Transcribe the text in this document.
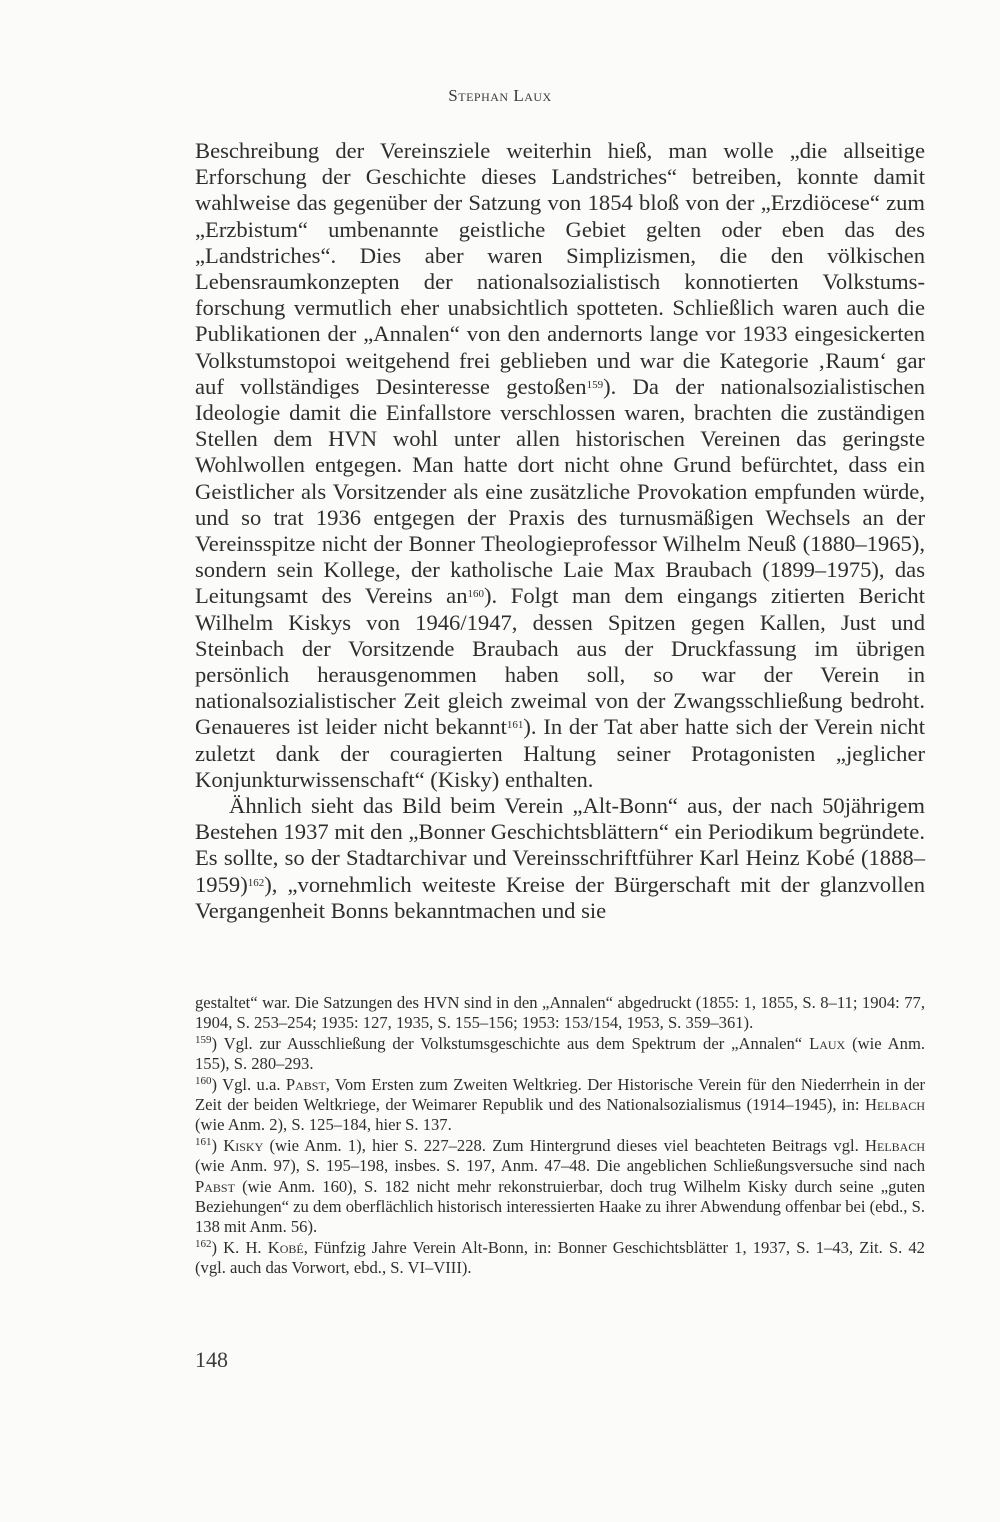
Stephan Laux

Beschreibung der Vereinsziele weiterhin hieß, man wolle „die allseitige Erforschung der Geschichte dieses Landstriches“ betreiben, konnte damit wahlweise das gegenüber der Satzung von 1854 bloß von der „Erzdiöcese“ zum „Erzbistum“ umbenannte geistliche Gebiet gelten oder eben das des „Landstriches“. Dies aber waren Simplizismen, die den völkischen Lebensraumkonzepten der nationalsozialistisch konnotierten Volkstumsforschung vermutlich eher unabsichtlich spotteten. Schließlich waren auch die Publikationen der „Annalen“ von den andernorts lange vor 1933 eingesickerten Volkstumstopoi weitgehend frei geblieben und war die Kategorie ‚Raum‘ gar auf vollständiges Desinteresse gestoßen$^{159}$). Da der nationalsozialistischen Ideologie damit die Einfallstore verschlossen waren, brachten die zuständigen Stellen dem HVN wohl unter allen historischen Vereinen das geringste Wohlwollen entgegen. Man hatte dort nicht ohne Grund befürchtet, dass ein Geistlicher als Vorsitzender als eine zusätzliche Provokation empfunden würde, und so trat 1936 entgegen der Praxis des turnusmäßigen Wechsels an der Vereinsspitze nicht der Bonner Theologieprofessor Wilhelm Neuß (1880–1965), sondern sein Kollege, der katholische Laie Max Braubach (1899–1975), das Leitungsamt des Vereins an$^{160}$). Folgt man dem eingangs zitierten Bericht Wilhelm Kiskys von 1946/1947, dessen Spitzen gegen Kallen, Just und Steinbach der Vorsitzende Braubach aus der Druckfassung im übrigen persönlich herausgenommen haben soll, so war der Verein in nationalsozialistischer Zeit gleich zweimal von der Zwangsschließung bedroht. Genaueres ist leider nicht bekannt$^{161}$). In der Tat aber hatte sich der Verein nicht zuletzt dank der couragierten Haltung seiner Protagonisten „jeglicher Konjunkturwissenschaft“ (Kisky) enthalten.

Ähnlich sieht das Bild beim Verein „Alt-Bonn“ aus, der nach 50jährigem Bestehen 1937 mit den „Bonner Geschichtsblättern“ ein Periodikum begründete. Es sollte, so der Stadtarchivar und Vereinsschriftführer Karl Heinz Kobé (1888–1959)$^{162}$), „vornehmlich weiteste Kreise der Bürgerschaft mit der glanzvollen Vergangenheit Bonns bekanntmachen und sie

gestaltet“ war. Die Satzungen des HVN sind in den „Annalen“ abgedruckt (1855: 1, 1855, S. 8–11; 1904: 77, 1904, S. 253–254; 1935: 127, 1935, S. 155–156; 1953: 153/154, 1953, S. 359–361).

$^{159}$) Vgl. zur Ausschließung der Volkstumsgeschichte aus dem Spektrum der „Annalen“ Laux (wie Anm. 155), S. 280–293.

$^{160}$) Vgl. u.a. Pabst, Vom Ersten zum Zweiten Weltkrieg. Der Historische Verein für den Niederrhein in der Zeit der beiden Weltkriege, der Weimarer Republik und des Nationalsozialismus (1914–1945), in: Helbach (wie Anm. 2), S. 125–184, hier S. 137.

$^{161}$) Kisky (wie Anm. 1), hier S. 227–228. Zum Hintergrund dieses viel beachteten Beitrags vgl. Helbach (wie Anm. 97), S. 195–198, insbes. S. 197, Anm. 47–48. Die angeblichen Schließungsversuche sind nach Pabst (wie Anm. 160), S. 182 nicht mehr rekonstruierbar, doch trug Wilhelm Kisky durch seine „guten Beziehungen“ zu dem oberflächlich historisch interessierten Haake zu ihrer Abwendung offenbar bei (ebd., S. 138 mit Anm. 56).

$^{162}$) K. H. Kobé, Fünfzig Jahre Verein Alt-Bonn, in: Bonner Geschichtsblätter 1, 1937, S. 1–43, Zit. S. 42 (vgl. auch das Vorwort, ebd., S. VI–VIII).

148
